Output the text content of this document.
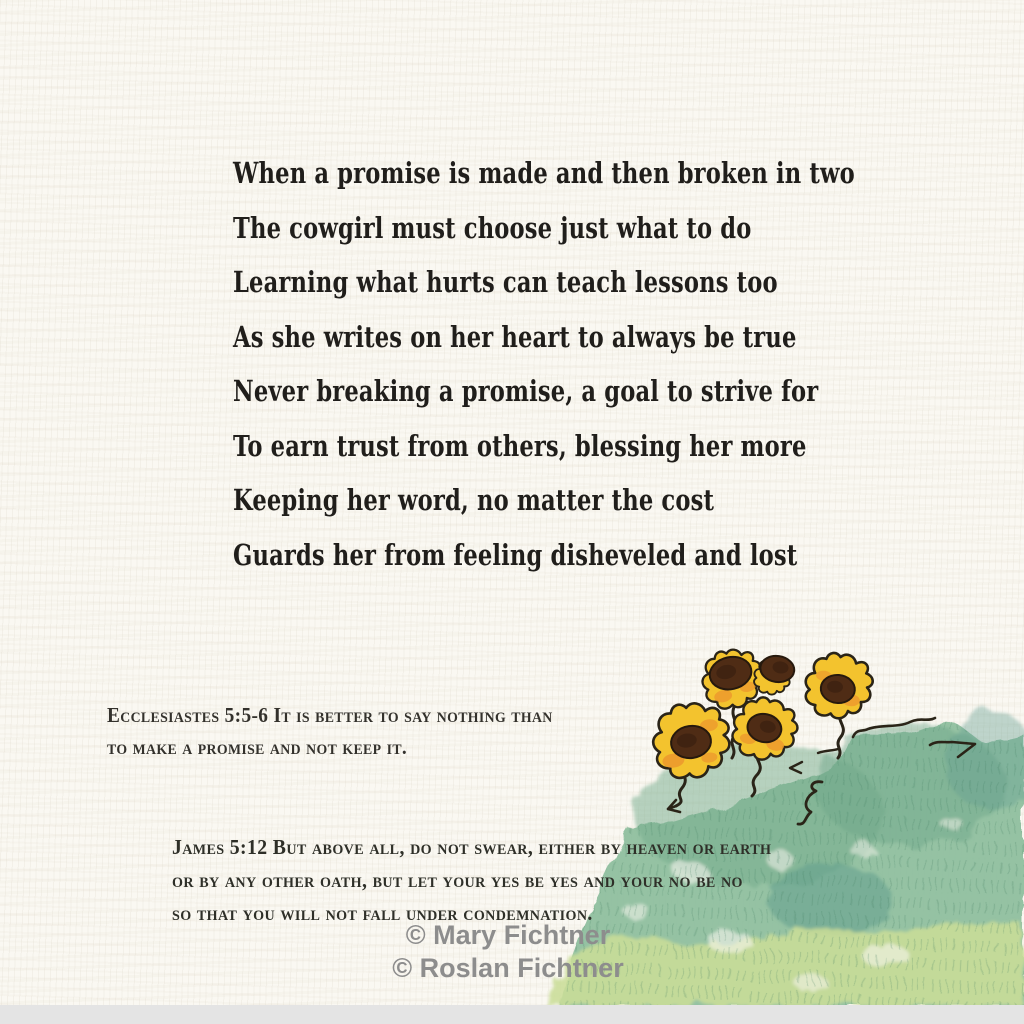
When a promise is made and then broken in two
The cowgirl must choose just what to do
Learning what hurts can teach lessons too
As she writes on her heart to always be true
Never breaking a promise, a goal to strive for
To earn trust from others, blessing her more
Keeping her word, no matter the cost
Guards her from feeling disheveled and lost
Ecclesiastes 5:5-6 It is better to say nothing than
to make a promise and not keep it.
James 5:12 But above all, do not swear, either by heaven or earth
or by any other oath, but let your yes be yes and your no be no
so that you will not fall under condemnation.
© Mary Fichtner
© Roslan Fichtner
